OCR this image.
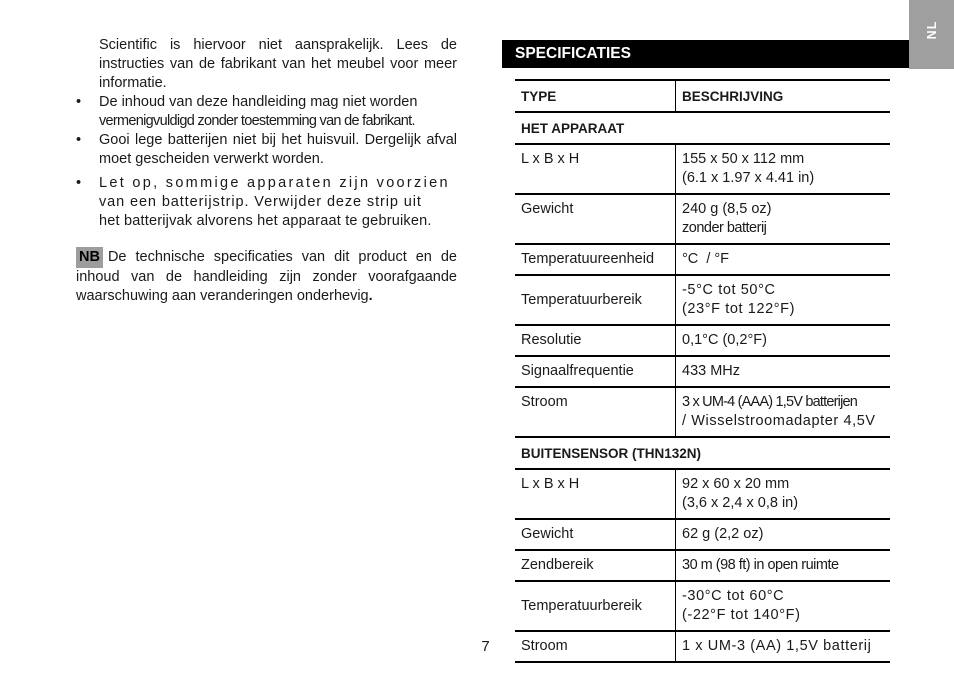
NL
Scientific is hiervoor niet aansprakelijk. Lees de instructies van de fabrikant van het meubel voor meer informatie.
• De inhoud van deze handleiding mag niet worden
vermenigvuldigd zonder toestemming van de fabrikant.
• Gooi lege batterijen niet bij het huisvuil. Dergelijk afval moet gescheiden verwerkt worden.
• Let op, sommige apparaten zijn voorzien
van een batterijstrip. Verwijder deze strip uit
het batterijvak alvorens het apparaat te gebruiken.
NB De technische specificaties van dit product en de inhoud van de handleiding zijn zonder voorafgaande waarschuwing aan veranderingen onderhevig.
SPECIFICATIES
TYPE	BESCHRIJVING
HET APPARAAT	
L x B x H	155 x 50 x 112 mm
(6.1 x 1.97 x 4.41 in)
Gewicht	240 g (8,5 oz)
zonder batterij
Temperatuureenheid	°C  / °F
Temperatuurbereik	-5°C tot 50°C
(23°F tot 122°F)
Resolutie	0,1°C (0,2°F)
Signaalfrequentie	433 MHz
Stroom	3 x UM-4 (AAA) 1,5V batterijen
/ Wisselstroomadapter 4,5V
BUITENSENSOR (THN132N)	
L x B x H	92 x 60 x 20 mm
(3,6 x 2,4 x 0,8 in)
Gewicht	62 g (2,2 oz)
Zendbereik	30 m (98 ft) in open ruimte
Temperatuurbereik	-30°C tot 60°C
(-22°F tot 140°F)
Stroom	1 x UM-3 (AA) 1,5V batterij
7
